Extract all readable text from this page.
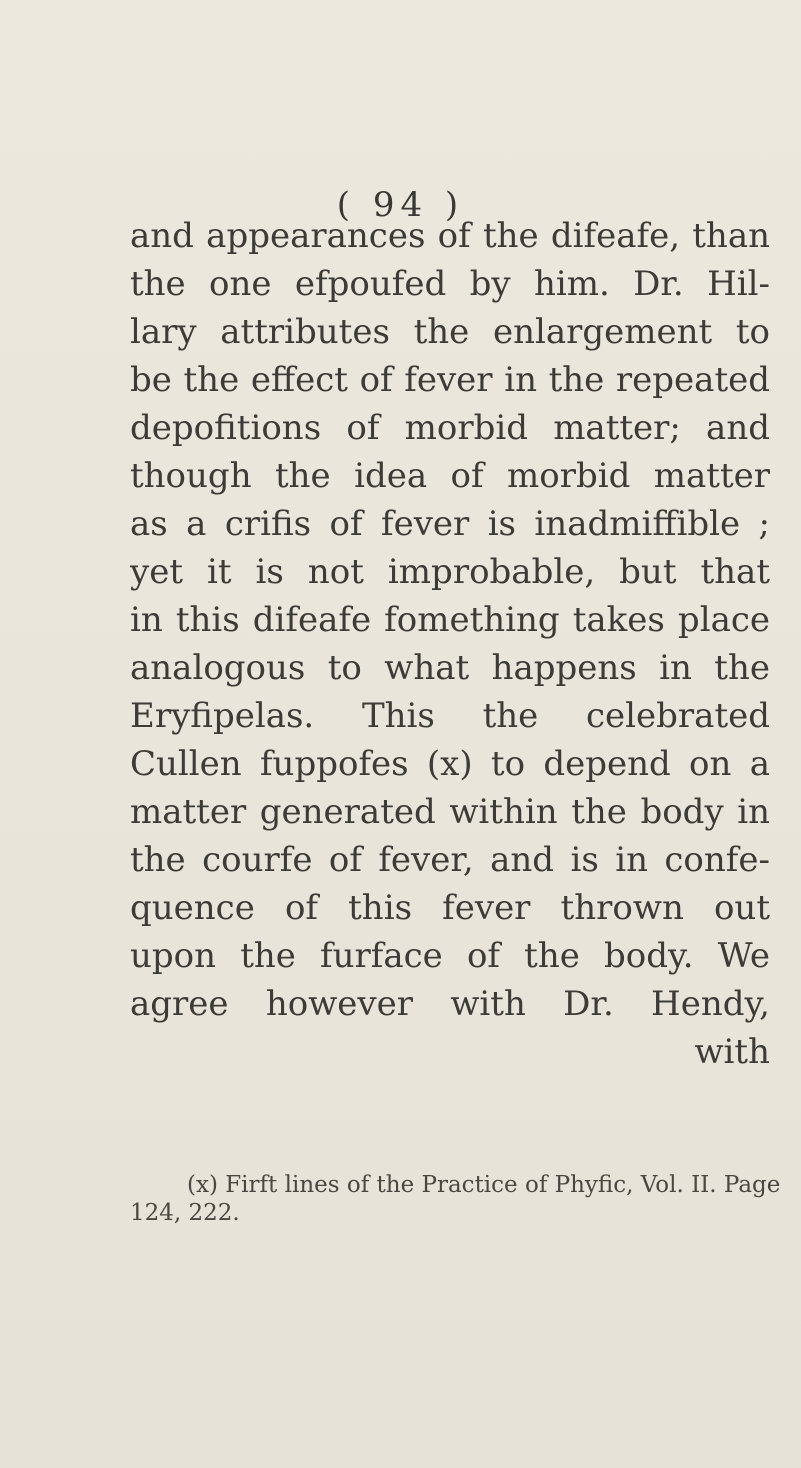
( 94 )
and appearances of the difeafe, than
the one efpoufed by him. Dr. Hil-
lary attributes the enlargement to
be the effect of fever in the repeated
depofitions of morbid matter; and
though the idea of morbid matter
as a crifis of fever is inadmiffible ;
yet it is not improbable, but that
in this difeafe fomething takes place
analogous to what happens in the
Eryfipelas. This the celebrated
Cullen fuppofes (x) to depend on a
matter generated within the body in
the courfe of fever, and is in confe-
quence of this fever thrown out
upon the furface of the body. We
agree however with Dr. Hendy,
with
(x) Firft lines of the Practice of Phyfic, Vol. II. Page
124, 222.
